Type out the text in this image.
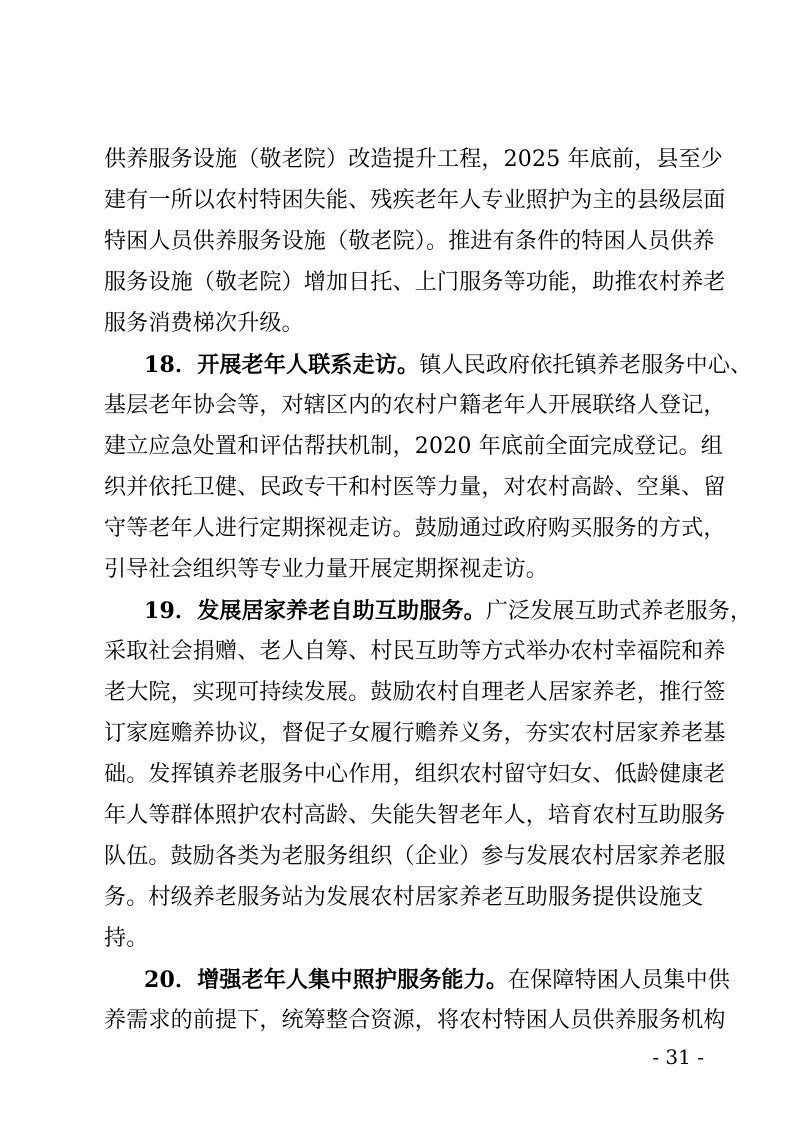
供养服务设施（敬老院）改造提升工程，2025 年底前，县至少
建有一所以农村特困失能、残疾老年人专业照护为主的县级层面
特困人员供养服务设施（敬老院）。推进有条件的特困人员供养
服务设施（敬老院）增加日托、上门服务等功能，助推农村养老
服务消费梯次升级。
18．开展老年人联系走访。镇人民政府依托镇养老服务中心、
基层老年协会等，对辖区内的农村户籍老年人开展联络人登记，
建立应急处置和评估帮扶机制，2020 年底前全面完成登记。组
织并依托卫健、民政专干和村医等力量，对农村高龄、空巢、留
守等老年人进行定期探视走访。鼓励通过政府购买服务的方式，
引导社会组织等专业力量开展定期探视走访。
19．发展居家养老自助互助服务。广泛发展互助式养老服务，
采取社会捐赠、老人自筹、村民互助等方式举办农村幸福院和养
老大院，实现可持续发展。鼓励农村自理老人居家养老，推行签
订家庭赡养协议，督促子女履行赡养义务，夯实农村居家养老基
础。发挥镇养老服务中心作用，组织农村留守妇女、低龄健康老
年人等群体照护农村高龄、失能失智老年人，培育农村互助服务
队伍。鼓励各类为老服务组织（企业）参与发展农村居家养老服
务。村级养老服务站为发展农村居家养老互助服务提供设施支
持。
20．增强老年人集中照护服务能力。在保障特困人员集中供
养需求的前提下，统筹整合资源，将农村特困人员供养服务机构
- 31 -
